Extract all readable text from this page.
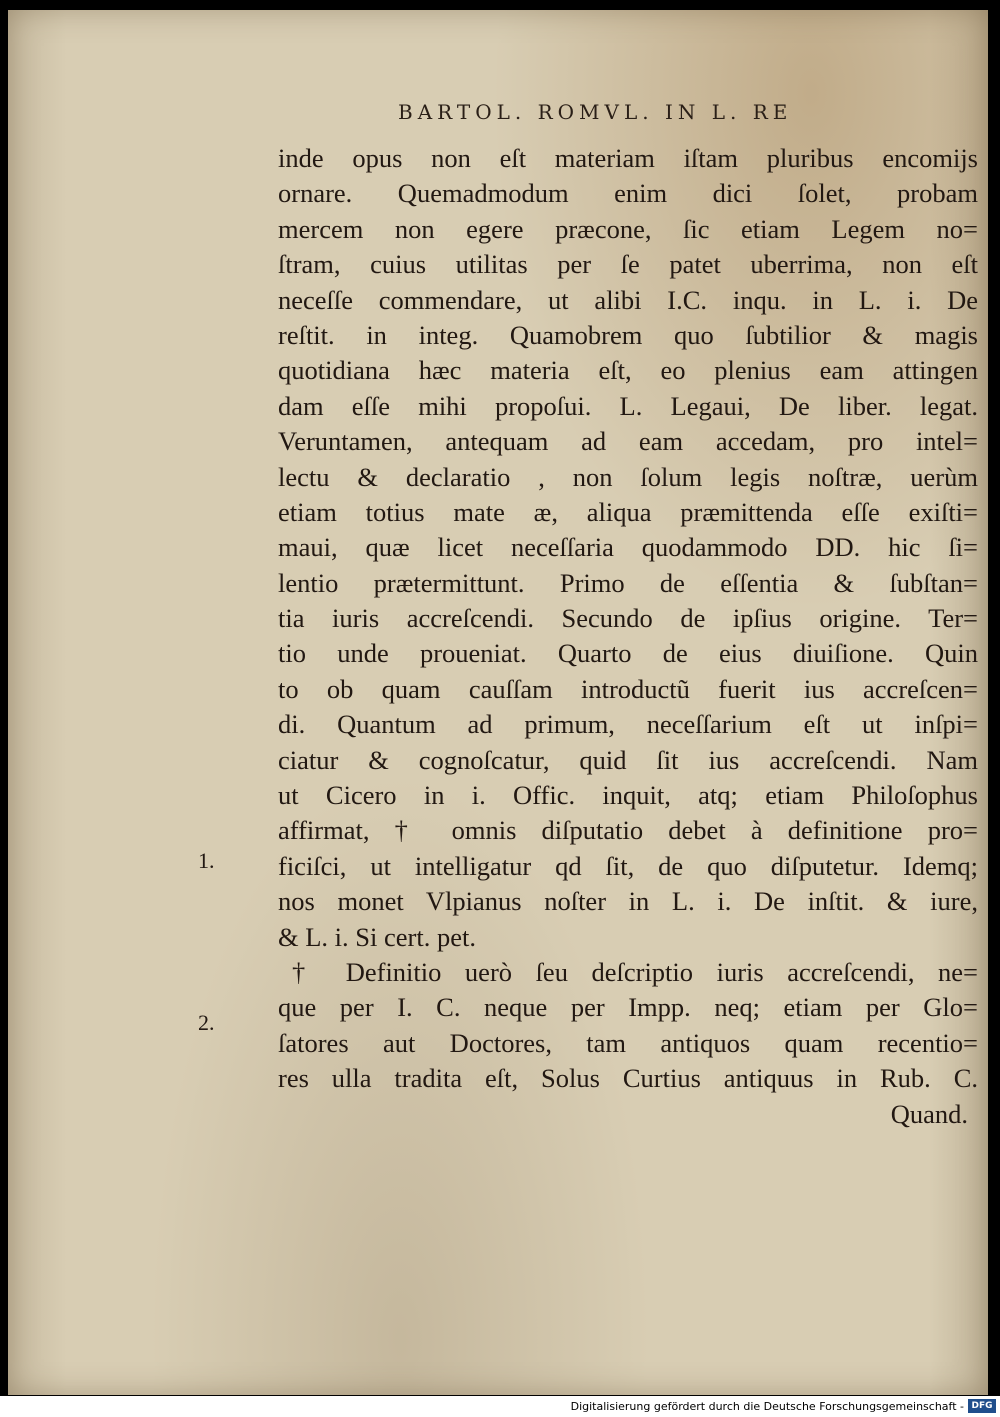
BARTOL. ROMVL. IN L. RE
1.
2.
inde opus non eſt materiam iſtam pluribus encomijs
ornare. Quemadmodum enim dici ſolet, probam
mercem non egere præcone, ſic etiam Legem no=
ſtram, cuius utilitas per ſe patet uberrima, non eſt
neceſſe commendare, ut alibi I.C. inqu. in L. i. De
reſtit. in integ. Quamobrem quo ſubtilior & magis
quotidiana hæc materia eſt, eo plenius eam attingen
dam eſſe mihi propoſui. L. Legaui, De liber. legat.
Veruntamen, antequam ad eam accedam, pro intel=
lectu & declaratio , non ſolum legis noſtræ, uerùm
etiam totius mate æ, aliqua præmittenda eſſe exiſti=
maui, quæ licet neceſſaria quodammodo DD. hic ſi=
lentio prætermittunt. Primo de eſſentia & ſubſtan=
tia iuris accreſcendi. Secundo de ipſius origine. Ter=
tio unde proueniat. Quarto de eius diuiſione. Quin
to ob quam cauſſam introductũ fuerit ius accreſcen=
di. Quantum ad primum, neceſſarium eſt ut inſpi=
ciatur & cognoſcatur, quid ſit ius accreſcendi. Nam
ut Cicero in i. Offic. inquit, atq; etiam Philoſophus
affirmat, † omnis diſputatio debet à definitione pro=
ficiſci, ut intelligatur qd ſit, de quo diſputetur. Idemq;
nos monet Vlpianus noſter in L. i. De inſtit. & iure,
& L. i. Si cert. pet.
† Definitio uerò ſeu deſcriptio iuris accreſcendi, ne=
que per I. C. neque per Impp. neq; etiam per Glo=
ſatores aut Doctores, tam antiquos quam recentio=
res ulla tradita eſt, Solus Curtius antiquus in Rub. C.
Quand.
Digitalisierung gefördert durch die Deutsche Forschungsgemeinschaft - DFG
